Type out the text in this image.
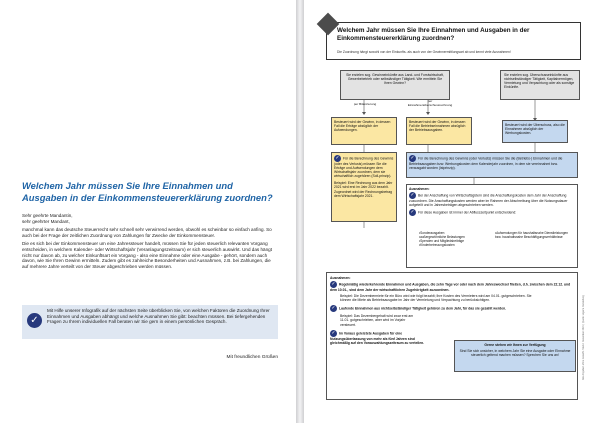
Welchem Jahr müssen Sie Ihre Einnahmen und Ausgaben in der Einkommensteuererklärung zuordnen?

Sehr geehrte Mandantin,
sehr geehrter Mandant,

manchmal kann das deutsche Steuerrecht sehr schnell sehr verwirrend werden, obwohl es scheinbar so einfach anfing. So auch bei der Frage der zeitlichen Zuordnung von Zahlungen für Zwecke der Einkommensteuer.

Die es sich bei der Einkommensteuer um eine Jahressteuer handelt, müssen Sie für jeden steuerlich relevanten Vorgang entscheiden, in welchem Kalender- oder Wirtschaftsjahr (Veranlagungszeitraum) er sich steuerlich auswirkt. Und das hängt nicht nur davon ab, zu welcher Einkunftsart ein Vorgang - also eine Einnahme oder eine Ausgabe - gehört, sondern auch davon, wie Sie Ihren Gewinn ermitteln. Zudem gibt es zahlreiche Besonderheiten und Ausnahmen, z.B. bei Zahlungen, die auf mehrere Jahre verteilt von der Steuer abgeschrieben werden müssen.

✓
Mit Hilfe unserer Infografik auf der nächsten Seite überblicken Sie, von welchen Faktoren die Zuordnung Ihrer Einnahmen und Ausgaben abhängt und welche Ausnahmen Sie gibt: beachten müssen. Bei tiefergehenden Fragen zu Ihrem individuellen Fall beraten wir Sie gern in einem persönlichen Gespräch.
Mit freundlichen Grüßen
Welchem Jahr müssen Sie Ihre Einnahmen und Ausgaben in der Einkommensteuererklärung zuordnen?
Die Zuordnung hängt sowohl von der Einkunfts- als auch von der Gewinnermittlungsart ab und kennt viele Ausnahmen!
Alle Angaben ohne Gewähr. Stand: Dezember 2021 | Quelle: eigene Darstellung
Sie erzielen sog. Gewinneinkünfte aus Land- und Forstwirtschaft, Gewerbebetrieb oder selbständiger Tätigkeit. Wie ermitteln Sie Ihren Gewinn?
Sie erzielen sog. Überschusseinkünfte aus nichtselbständiger Tätigkeit, Kapitalvermögen, Vermietung und Verpachtung oder als sonstige Einkünfte.
per Bilanzierung
per Einnahmenüberschussrechnung
Besteuert wird der Gewinn, in dessen Fall die Erträge abzüglich der Aufwendungen.
Besteuert wird der Gewinn, in dessen Fall die Betriebseinnahmen abzüglich der Betriebsausgaben.
Besteuert wird der Überschuss, also die Einnahmen abzüglich der Werbungskosten.
✓ Für die Berechnung des Gewinns (oder des Verlusts) müssen Sie die Erträge und Aufwendungen dem Wirtschaftsjahr zuordnen, dem sie wirtschaftlich zugehören (Soll-prinzip).
Beispiel: Eine Rechnung aus dem Jahr 2021 wird erst im Jahr 2022 bezahlt. Zugeordnet wird der Rechnungsbetrag dem Wirtschaftsjahr 2021.
✓ Für die Berechnung des Gewinns (oder Verlusts) müssen Sie die (Betriebs-) Einnahmen und die Betriebsausgaben bzw. Werbungskosten dem Kalenderjahr zuordnen, in dem sie vereinnahmt bzw. verausgabt worden (Istprinzip).
Ausnahmen:
✓ Bei der Anschaffung von Wirtschaftsgütern sind die Anschaffungskosten dem Jahr der Anschaffung zuzuordnen. Die Anschaffungskosten werden aber im Rahmen der Abschreibung über die Nutzungsdauer aufgeteilt und in Jahresbeträgen abgeschrieben werden.
✓ Für diese Ausgaben ist immer der Abflusszeitpunkt entscheidend:
• Sonderausgaben
• außergewöhnliche Belastungen
• Spenden und Mitgliedsbeiträge
• Kinderbetreuungskosten
• Aufwendungen für haushaltsnahe Dienstleistungen bzw. haushaltsnahe Beschäftigungsverhältnisse
Ausnahmen:
✓ Regelmäßig wiederkehrende Einnahmen und Ausgaben, die zehn Tage vor oder nach dem Jahreswechsel fließen, d.h. zwischen dem 22.12. und dem 10.01., sind dem Jahr der wirtschaftlichen Zugehörigkeit zuzuordnen.
Beispiel: Die Dezembermiete für ein Büro wird wie folgt bezahlt; Ihre Kosten des Vermieters wird am 04.01. gutgeschrieben. Sie können die Miete als Betriebsausgabe im Jahr der Vermietung und Verpachtung zu berücksichtigen.
✓ Laufende Einnahmen aus nichtselbständiger Tätigkeit gehören zu dem Jahr, für das sie gezahlt werden.
Beispiel: Das Dezembergehalt wird zwar erst am 11.01. gutgeschrieben, aber wird im Vorjahr versteuert.
✓ Im Voraus geleistete Ausgaben für eine Nutzungsüberlassung von mehr als fünf Jahren sind gleichmäßig auf den Vorauszahlungszeitraum zu verteilen.
Gerne stehen wir Ihnen zur Verfügung
Sind Sie sich unsicher, in welchem Jahr Sie eine Ausgabe oder Einnahme steuerlich geltend machen müssen? Sprechen Sie uns an!
